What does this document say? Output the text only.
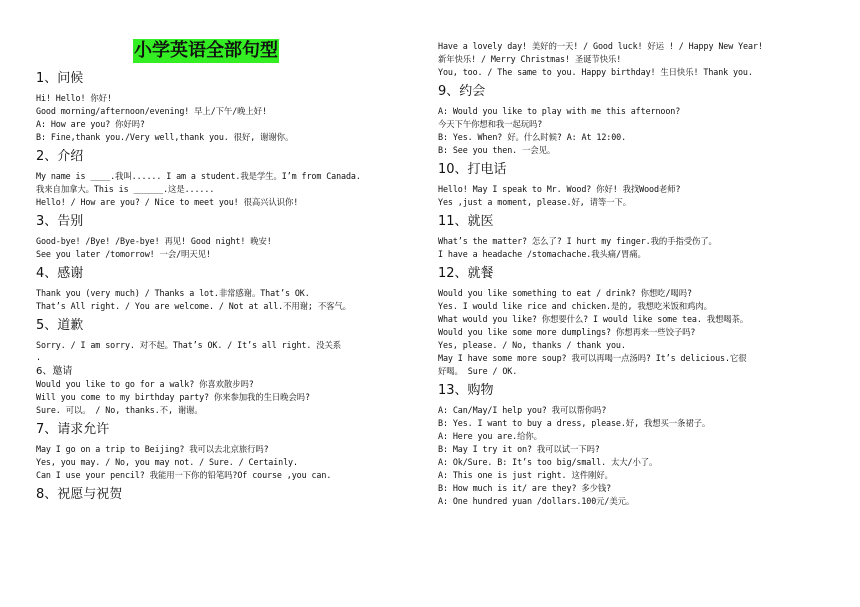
小学英语全部句型
1、问候
Hi! Hello! 你好!
Good morning/afternoon/evening! 早上/下午/晚上好!
A: How are you? 你好吗?
B: Fine,thank you./Very well,thank you. 很好, 谢谢你。
2、介绍
My name is ____.我叫...... I am a student.我是学生。I’m from Canada.
我来自加拿大。This is ______.这是......
Hello! / How are you? / Nice to meet you! 很高兴认识你!
3、告别
Good-bye! /Bye! /Bye-bye! 再见! Good night! 晚安!
See you later /tomorrow! 一会/明天见!
4、感谢
Thank you (very much) / Thanks a lot.非常感谢。That’s OK.
That’s All right. / You are welcome. / Not at all.不用谢; 不客气。
5、道歉
Sorry. / I am sorry. 对不起。That’s OK. / It’s all right. 没关系
.
6、邀请
Would you like to go for a walk? 你喜欢散步吗?
Will you come to my birthday party? 你来参加我的生日晚会吗?
Sure. 可以。 / No, thanks.不, 谢谢。
7、请求允许
May I go on a trip to Beijing? 我可以去北京旅行吗?
Yes, you may. / No, you may not. / Sure. / Certainly.
Can I use your pencil? 我能用一下你的铅笔吗?Of course ,you can.
8、祝愿与祝贺
Have a lovely day! 美好的一天! / Good luck! 好运 ! / Happy New Year!
新年快乐! / Merry Christmas! 圣诞节快乐!
You, too. / The same to you. Happy birthday! 生日快乐! Thank you.
9、约会
A: Would you like to play with me this afternoon?
今天下午你想和我一起玩吗?
B: Yes. When? 好。什么时候? A: At 12:00.
B: See you then. 一会见。
10、打电话
Hello! May I speak to Mr. Wood? 你好! 我找Wood老师?
Yes ,just a moment, please.好, 请等一下。
11、就医
What’s the matter? 怎么了? I hurt my finger.我的手指受伤了。
I have a headache /stomachache.我头痛/胃痛。
12、就餐
Would you like something to eat / drink? 你想吃/喝吗?
Yes. I would like rice and chicken.是的, 我想吃米饭和鸡肉。
What would you like? 你想要什么? I would like some tea. 我想喝茶。
Would you like some more dumplings? 你想再来一些饺子吗?
Yes, please. / No, thanks / thank you.
May I have some more soup? 我可以再喝一点汤吗? It’s delicious.它很
好喝。 Sure / OK.
13、购物
A: Can/May/I help you? 我可以帮你吗?
B: Yes. I want to buy a dress, please.好, 我想买一条裙子。
A: Here you are.给你。
B: May I try it on? 我可以试一下吗?
A: Ok/Sure. B: It’s too big/small. 太大/小了。
A: This one is just right. 这件刚好。
B: How much is it/ are they? 多少钱?
A: One hundred yuan /dollars.100元/美元。
